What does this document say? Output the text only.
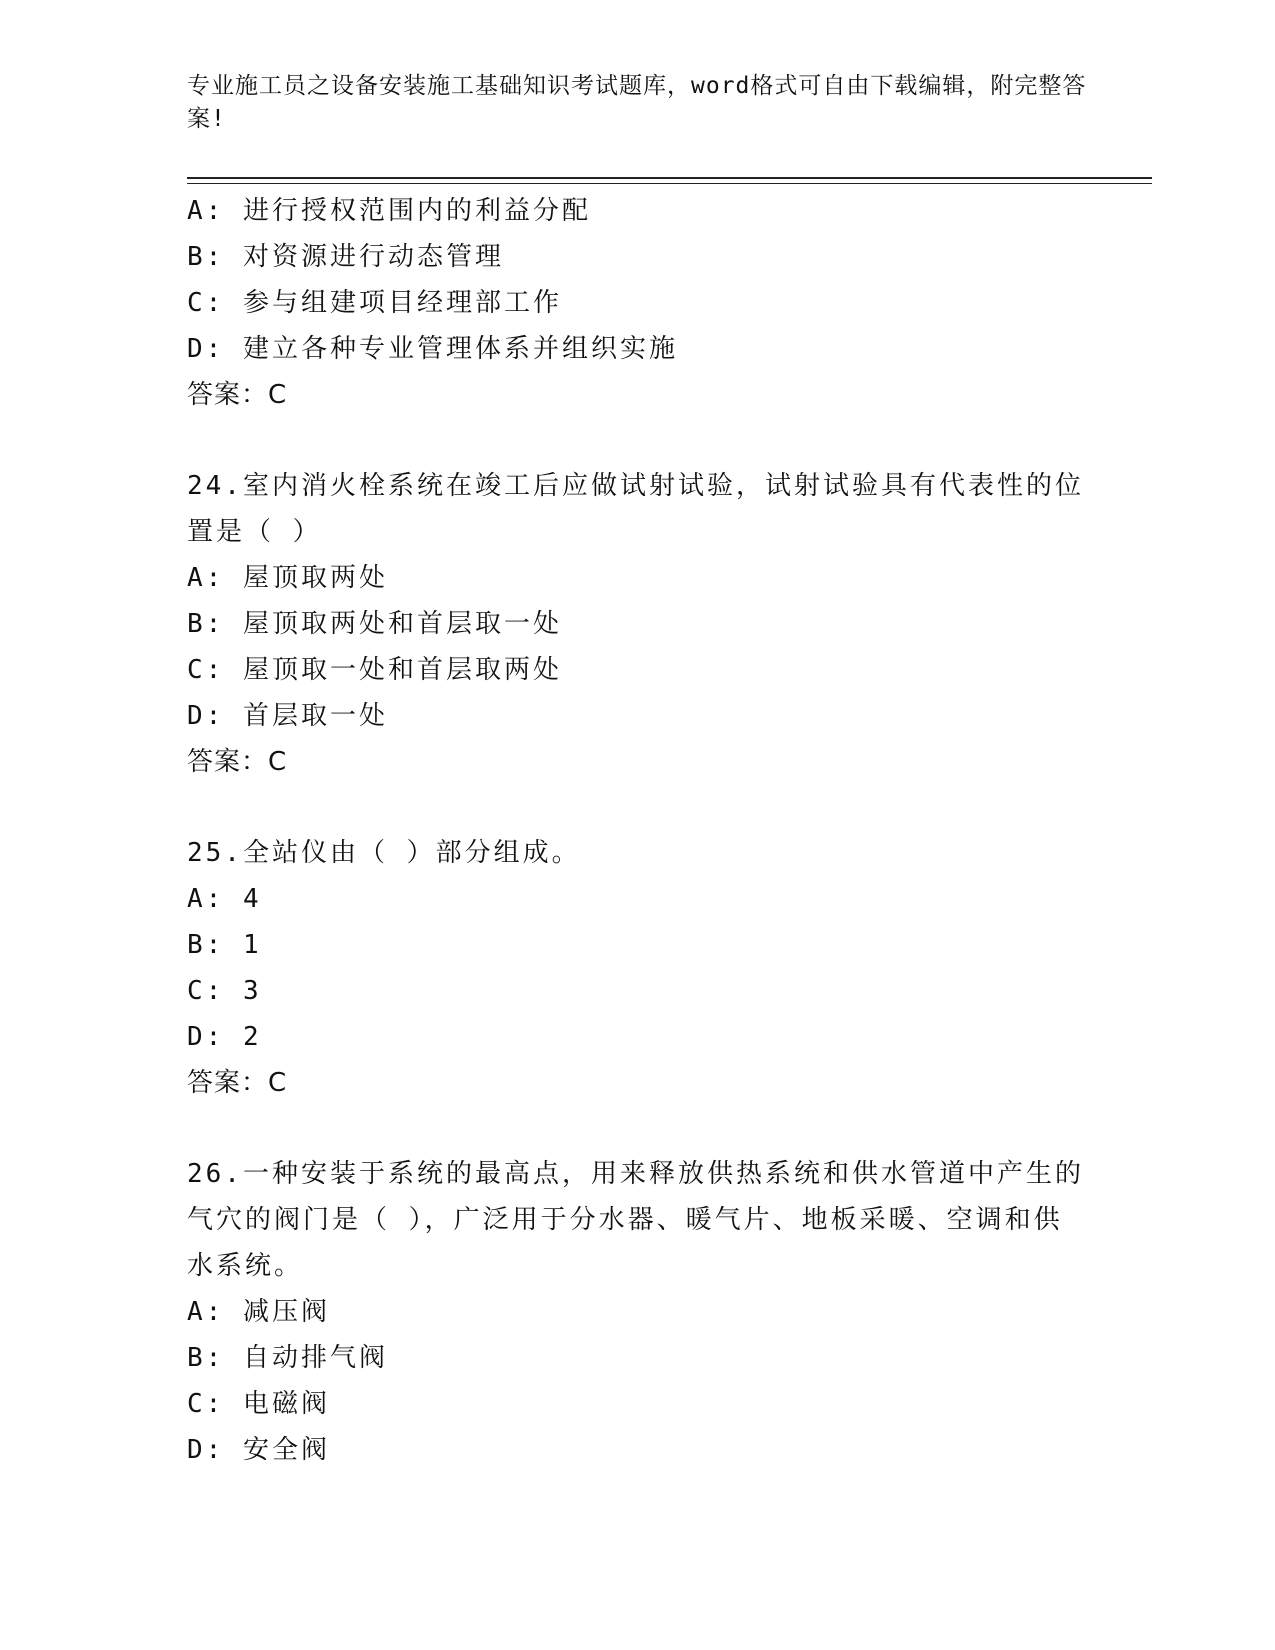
专业施工员之设备安装施工基础知识考试题库，word格式可自由下载编辑，附完整答案!
A: 进行授权范围内的利益分配
B: 对资源进行动态管理
C: 参与组建项目经理部工作
D: 建立各种专业管理体系并组织实施
答案：C
24.室内消火栓系统在竣工后应做试射试验，试射试验具有代表性的位置是（ ）
A: 屋顶取两处
B: 屋顶取两处和首层取一处
C: 屋顶取一处和首层取两处
D: 首层取一处
答案：C
25.全站仪由（ ）部分组成。
A: 4
B: 1
C: 3
D: 2
答案：C
26.一种安装于系统的最高点，用来释放供热系统和供水管道中产生的气穴的阀门是（ ），广泛用于分水器、暖气片、地板采暖、空调和供水系统。
A: 减压阀
B: 自动排气阀
C: 电磁阀
D: 安全阀
